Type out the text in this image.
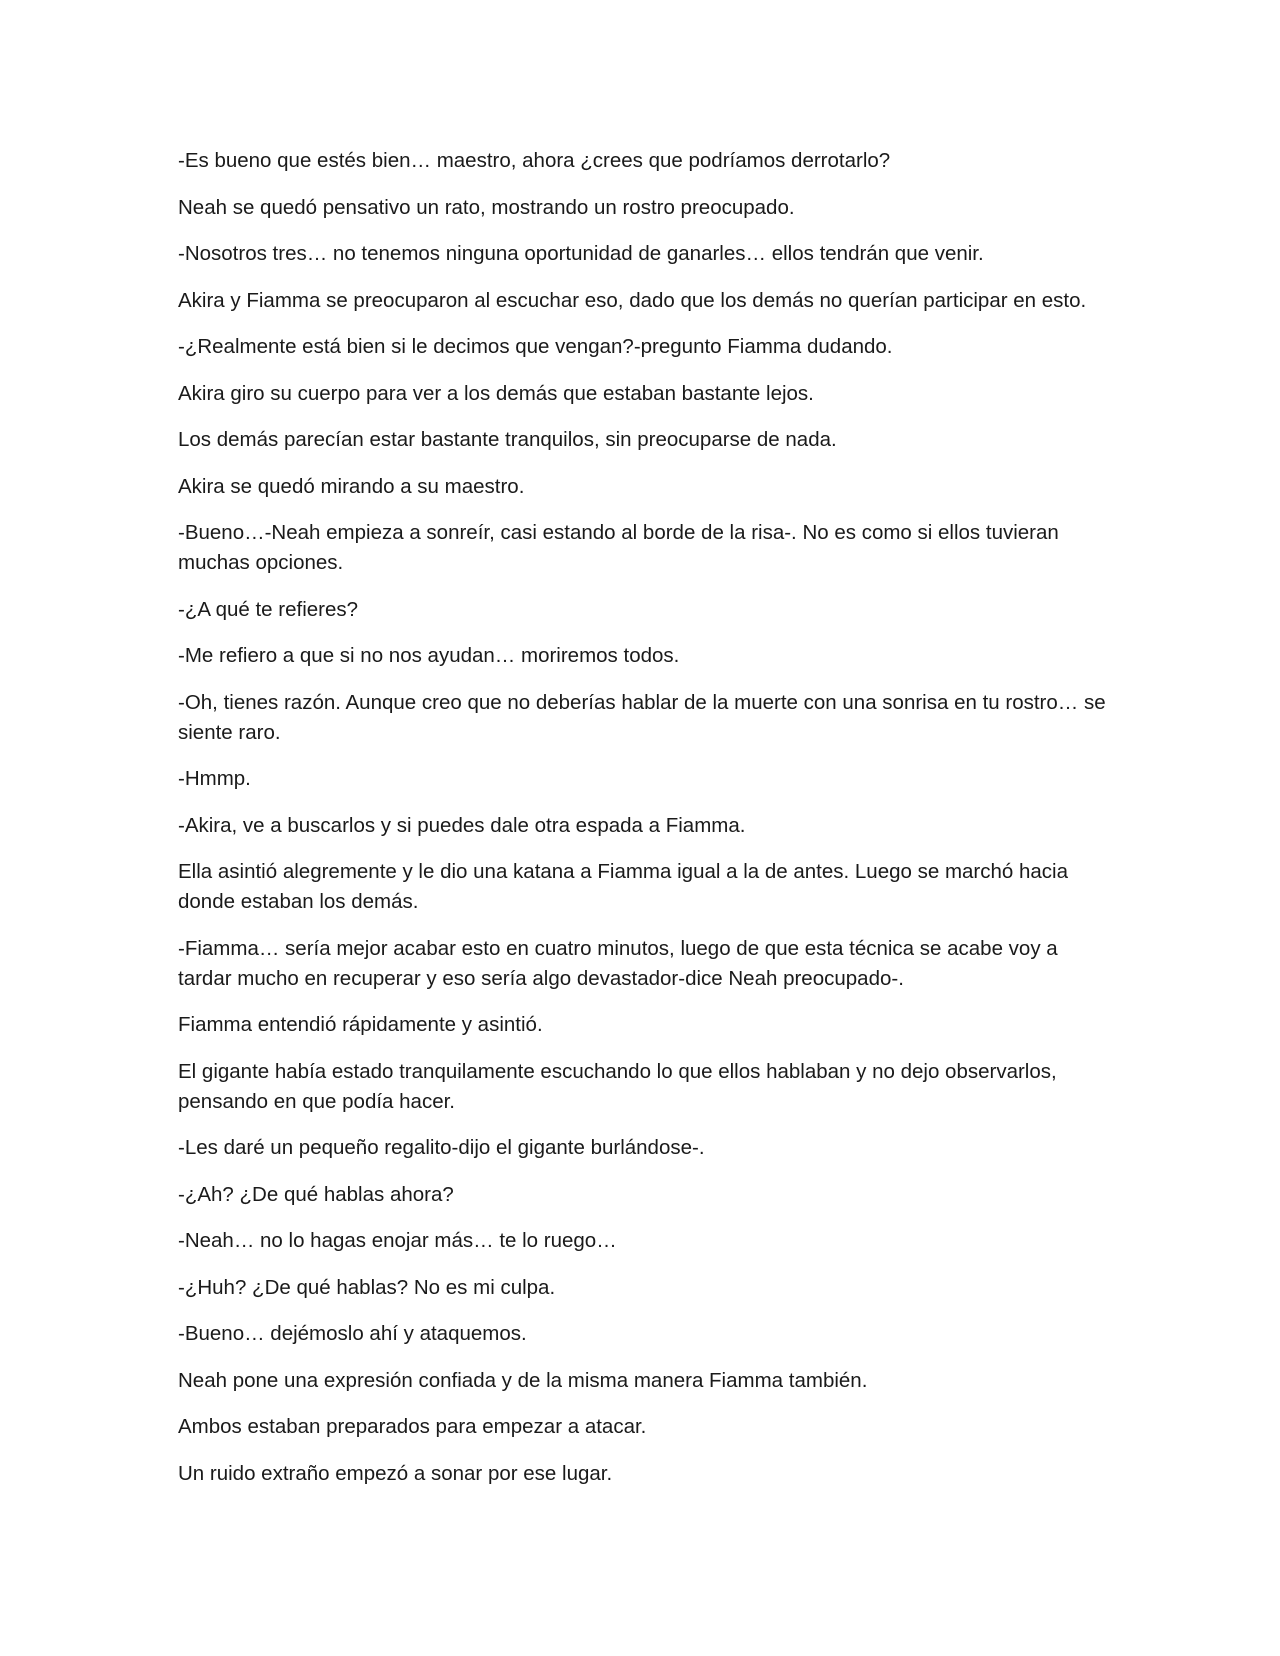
-Es bueno que estés bien… maestro, ahora ¿crees que podríamos derrotarlo?

Neah se quedó pensativo un rato, mostrando un rostro preocupado.

-Nosotros tres… no tenemos ninguna oportunidad de ganarles… ellos tendrán que venir.

Akira y Fiamma se preocuparon al escuchar eso, dado que los demás no querían participar en esto.

-¿Realmente está bien si le decimos que vengan?-pregunto Fiamma dudando.

Akira giro su cuerpo para ver a los demás que estaban bastante lejos.

Los demás parecían estar bastante tranquilos, sin preocuparse de nada.

Akira se quedó mirando a su maestro.

-Bueno…-Neah empieza a sonreír, casi estando al borde de la risa-. No es como si ellos tuvieran muchas opciones.

-¿A qué te refieres?

-Me refiero a que si no nos ayudan… moriremos todos.

-Oh, tienes razón. Aunque creo que no deberías hablar de la muerte con una sonrisa en tu rostro… se siente raro.

-Hmmp.

-Akira, ve a buscarlos y si puedes dale otra espada a Fiamma.

Ella asintió alegremente y le dio una katana a Fiamma igual a la de antes. Luego se marchó hacia donde estaban los demás.

-Fiamma… sería mejor acabar esto en cuatro minutos, luego de que esta técnica se acabe voy a tardar mucho en recuperar y eso sería algo devastador-dice Neah preocupado-.

Fiamma entendió rápidamente y asintió.

El gigante había estado tranquilamente escuchando lo que ellos hablaban y no dejo observarlos, pensando en que podía hacer.

-Les daré un pequeño regalito-dijo el gigante burlándose-.

-¿Ah? ¿De qué hablas ahora?

-Neah… no lo hagas enojar más… te lo ruego…

-¿Huh? ¿De qué hablas? No es mi culpa.

-Bueno… dejémoslo ahí y ataquemos.

Neah pone una expresión confiada y de la misma manera Fiamma también.

Ambos estaban preparados para empezar a atacar.

Un ruido extraño empezó a sonar por ese lugar.
